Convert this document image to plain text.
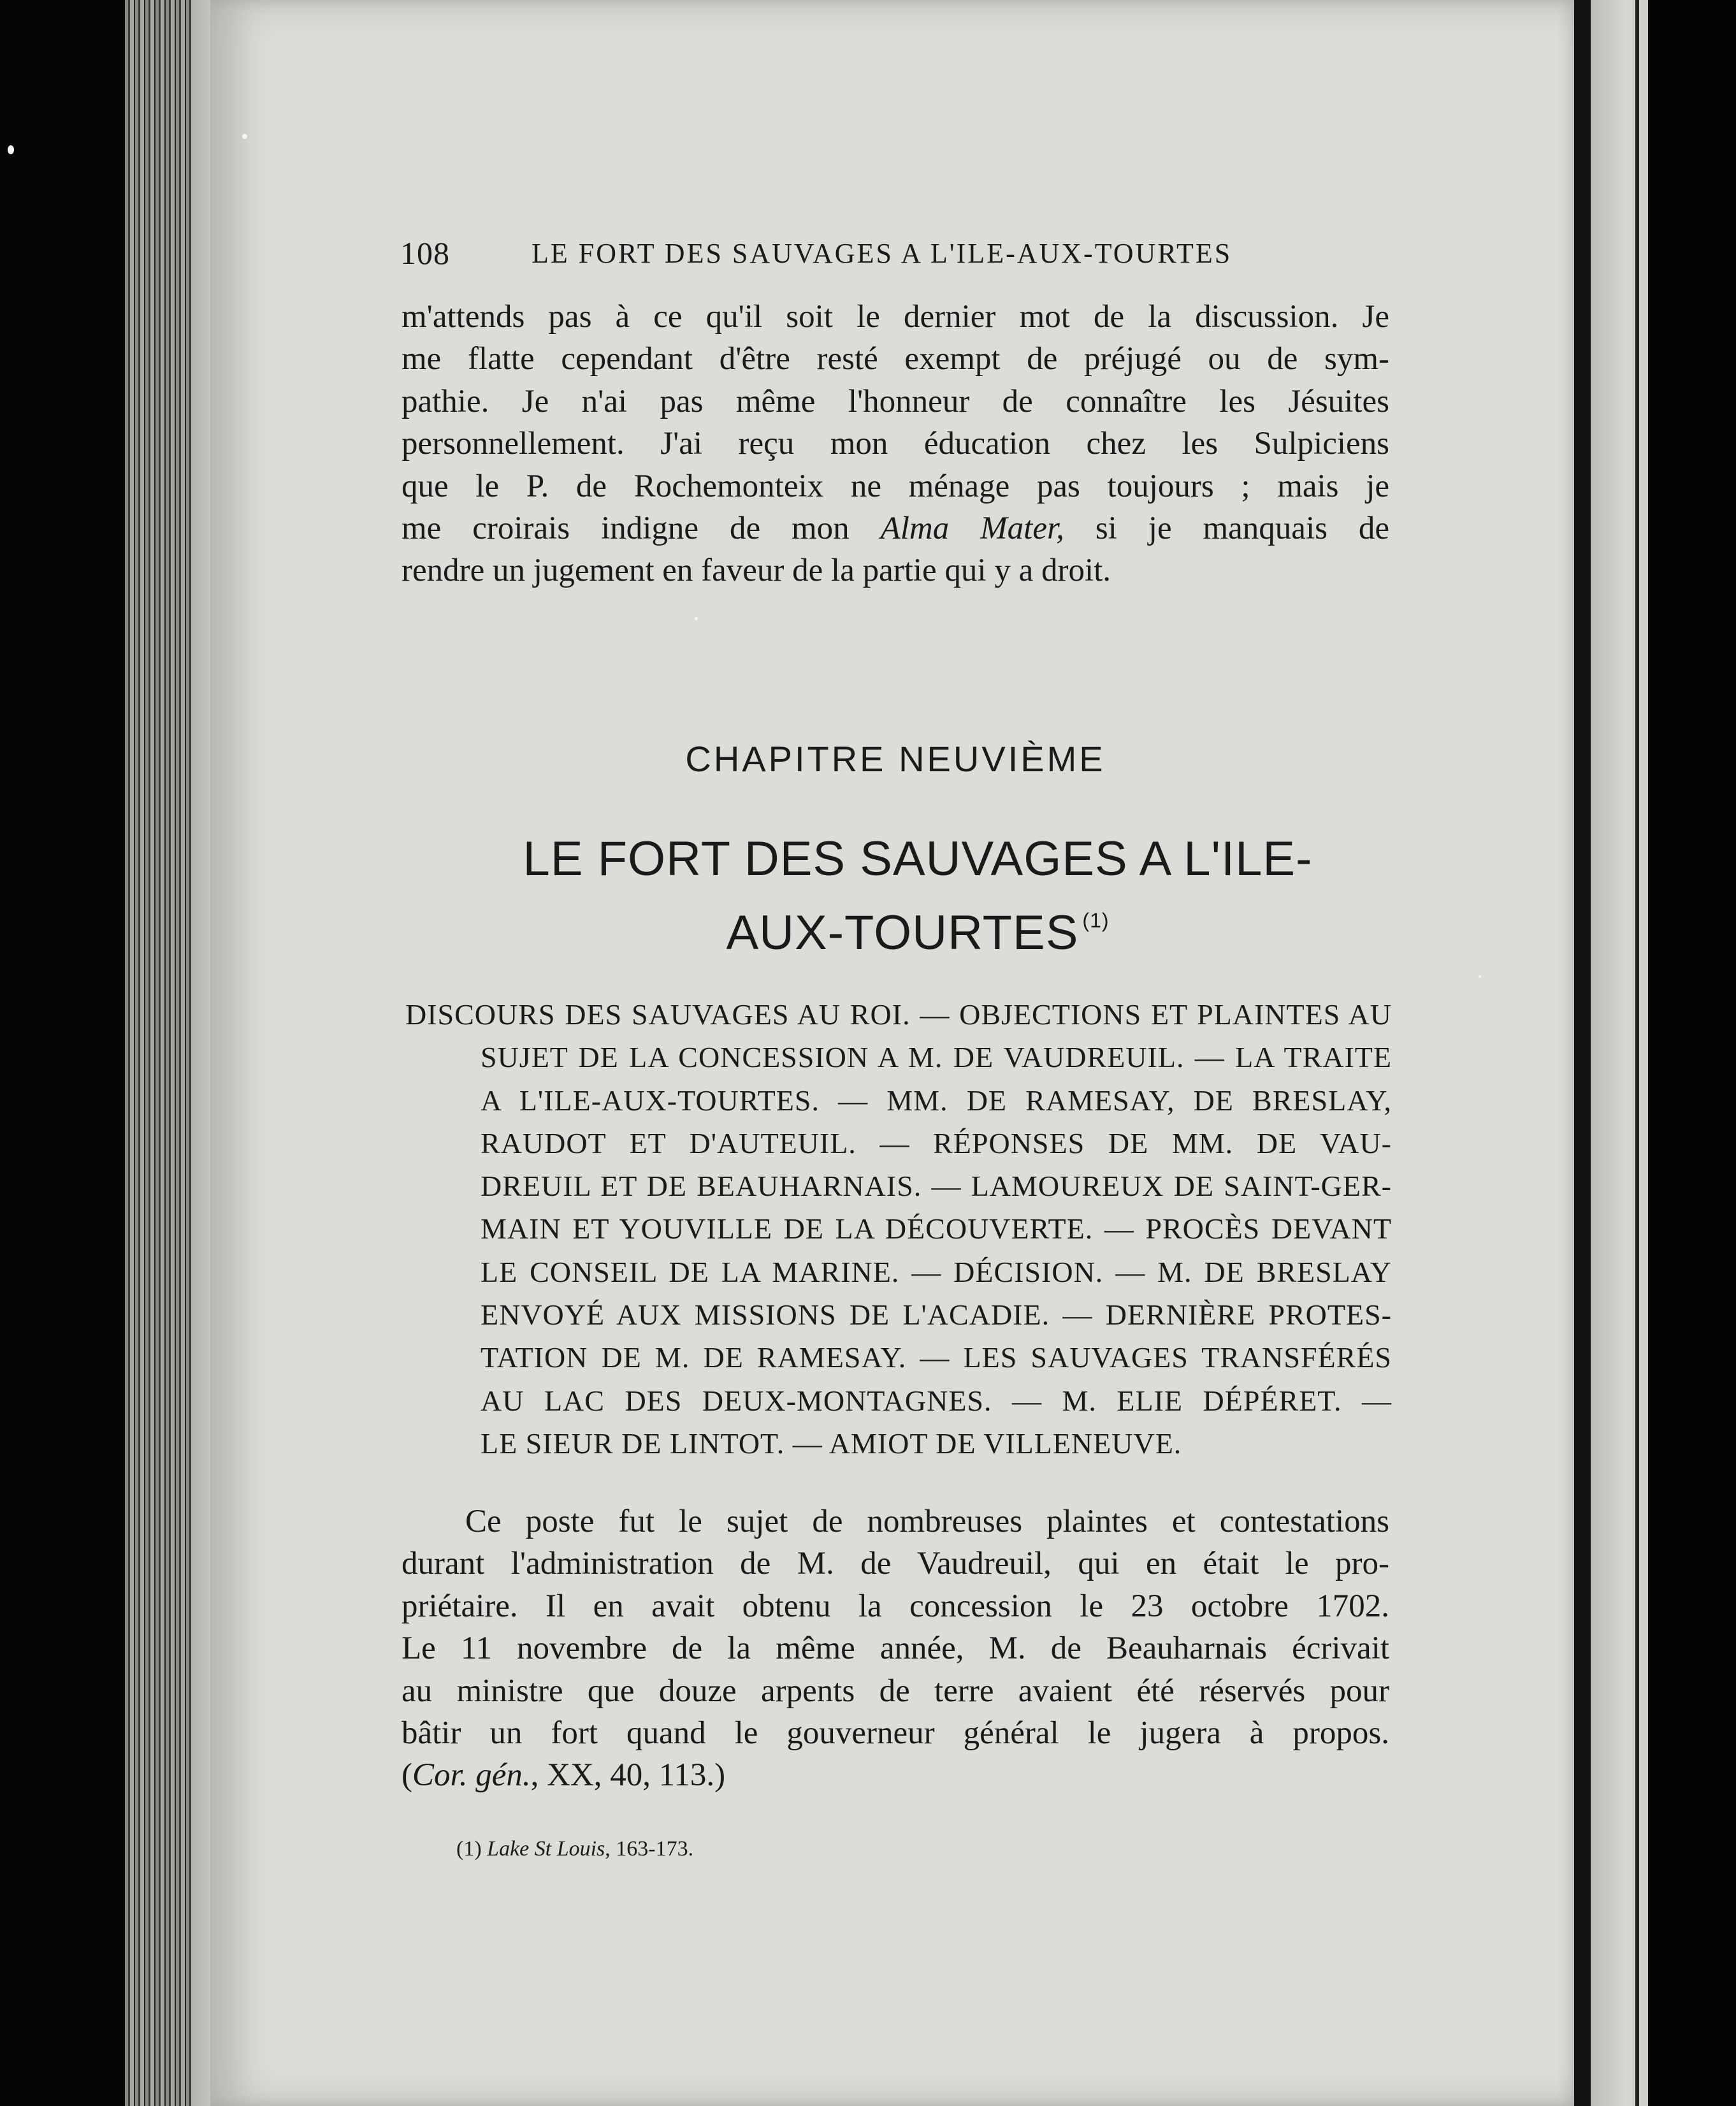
108	LE FORT DES SAUVAGES A L'ILE-AUX-TOURTES
m'attends pas à ce qu'il soit le dernier mot de la discussion. Je
me flatte cependant d'être resté exempt de préjugé ou de sym-
pathie. Je n'ai pas même l'honneur de connaître les Jésuites
personnellement. J'ai reçu mon éducation chez les Sulpiciens
que le P. de Rochemonteix ne ménage pas toujours ; mais je
me croirais indigne de mon Alma Mater, si je manquais de
rendre un jugement en faveur de la partie qui y a droit.
CHAPITRE NEUVIÈME
LE FORT DES SAUVAGES A L'ILE-
AUX-TOURTES $^{(1)}$
DISCOURS DES SAUVAGES AU ROI. — OBJECTIONS ET PLAINTES AU
SUJET DE LA CONCESSION A M. DE VAUDREUIL. — LA TRAITE
A L'ILE-AUX-TOURTES. — MM. DE RAMESAY, DE BRESLAY,
RAUDOT ET D'AUTEUIL. — RÉPONSES DE MM. DE VAU-
DREUIL ET DE BEAUHARNAIS. — LAMOUREUX DE SAINT-GER-
MAIN ET YOUVILLE DE LA DÉCOUVERTE. — PROCÈS DEVANT
LE CONSEIL DE LA MARINE. — DÉCISION. — M. DE BRESLAY
ENVOYÉ AUX MISSIONS DE L'ACADIE. — DERNIÈRE PROTES-
TATION DE M. DE RAMESAY. — LES SAUVAGES TRANSFÉRÉS
AU LAC DES DEUX-MONTAGNES. — M. ELIE DÉPÉRET. —
LE SIEUR DE LINTOT. — AMIOT DE VILLENEUVE.
Ce poste fut le sujet de nombreuses plaintes et contestations
durant l'administration de M. de Vaudreuil, qui en était le pro-
priétaire. Il en avait obtenu la concession le 23 octobre 1702.
Le 11 novembre de la même année, M. de Beauharnais écrivait
au ministre que douze arpents de terre avaient été réservés pour
bâtir un fort quand le gouverneur général le jugera à propos.
(Cor. gén., XX, 40, 113.)
(1) Lake St Louis, 163-173.
